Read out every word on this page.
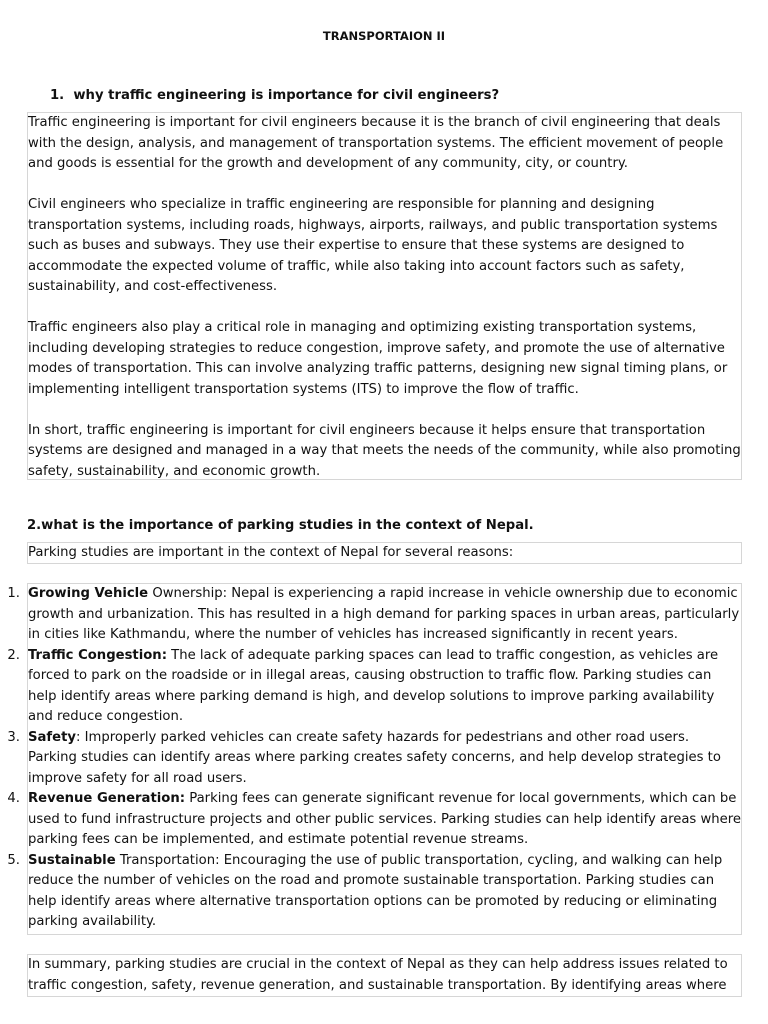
TRANSPORTAION II
1. why traffic engineering is importance for civil engineers?

Traffic engineering is important for civil engineers because it is the branch of civil engineering that deals with the design, analysis, and management of transportation systems. The efficient movement of people and goods is essential for the growth and development of any community, city, or country.

Civil engineers who specialize in traffic engineering are responsible for planning and designing transportation systems, including roads, highways, airports, railways, and public transportation systems such as buses and subways. They use their expertise to ensure that these systems are designed to accommodate the expected volume of traffic, while also taking into account factors such as safety, sustainability, and cost-effectiveness.

Traffic engineers also play a critical role in managing and optimizing existing transportation systems, including developing strategies to reduce congestion, improve safety, and promote the use of alternative modes of transportation. This can involve analyzing traffic patterns, designing new signal timing plans, or implementing intelligent transportation systems (ITS) to improve the flow of traffic.

In short, traffic engineering is important for civil engineers because it helps ensure that transportation systems are designed and managed in a way that meets the needs of the community, while also promoting safety, sustainability, and economic growth.

2.what is the importance of parking studies in the context of Nepal.

Parking studies are important in the context of Nepal for several reasons:

1. Growing Vehicle Ownership: Nepal is experiencing a rapid increase in vehicle ownership due to economic growth and urbanization. This has resulted in a high demand for parking spaces in urban areas, particularly in cities like Kathmandu, where the number of vehicles has increased significantly in recent years.
2. Traffic Congestion: The lack of adequate parking spaces can lead to traffic congestion, as vehicles are forced to park on the roadside or in illegal areas, causing obstruction to traffic flow. Parking studies can help identify areas where parking demand is high, and develop solutions to improve parking availability and reduce congestion.
3. Safety: Improperly parked vehicles can create safety hazards for pedestrians and other road users. Parking studies can identify areas where parking creates safety concerns, and help develop strategies to improve safety for all road users.
4. Revenue Generation: Parking fees can generate significant revenue for local governments, which can be used to fund infrastructure projects and other public services. Parking studies can help identify areas where parking fees can be implemented, and estimate potential revenue streams.
5. Sustainable Transportation: Encouraging the use of public transportation, cycling, and walking can help reduce the number of vehicles on the road and promote sustainable transportation. Parking studies can help identify areas where alternative transportation options can be promoted by reducing or eliminating parking availability.

In summary, parking studies are crucial in the context of Nepal as they can help address issues related to traffic congestion, safety, revenue generation, and sustainable transportation. By identifying areas where
